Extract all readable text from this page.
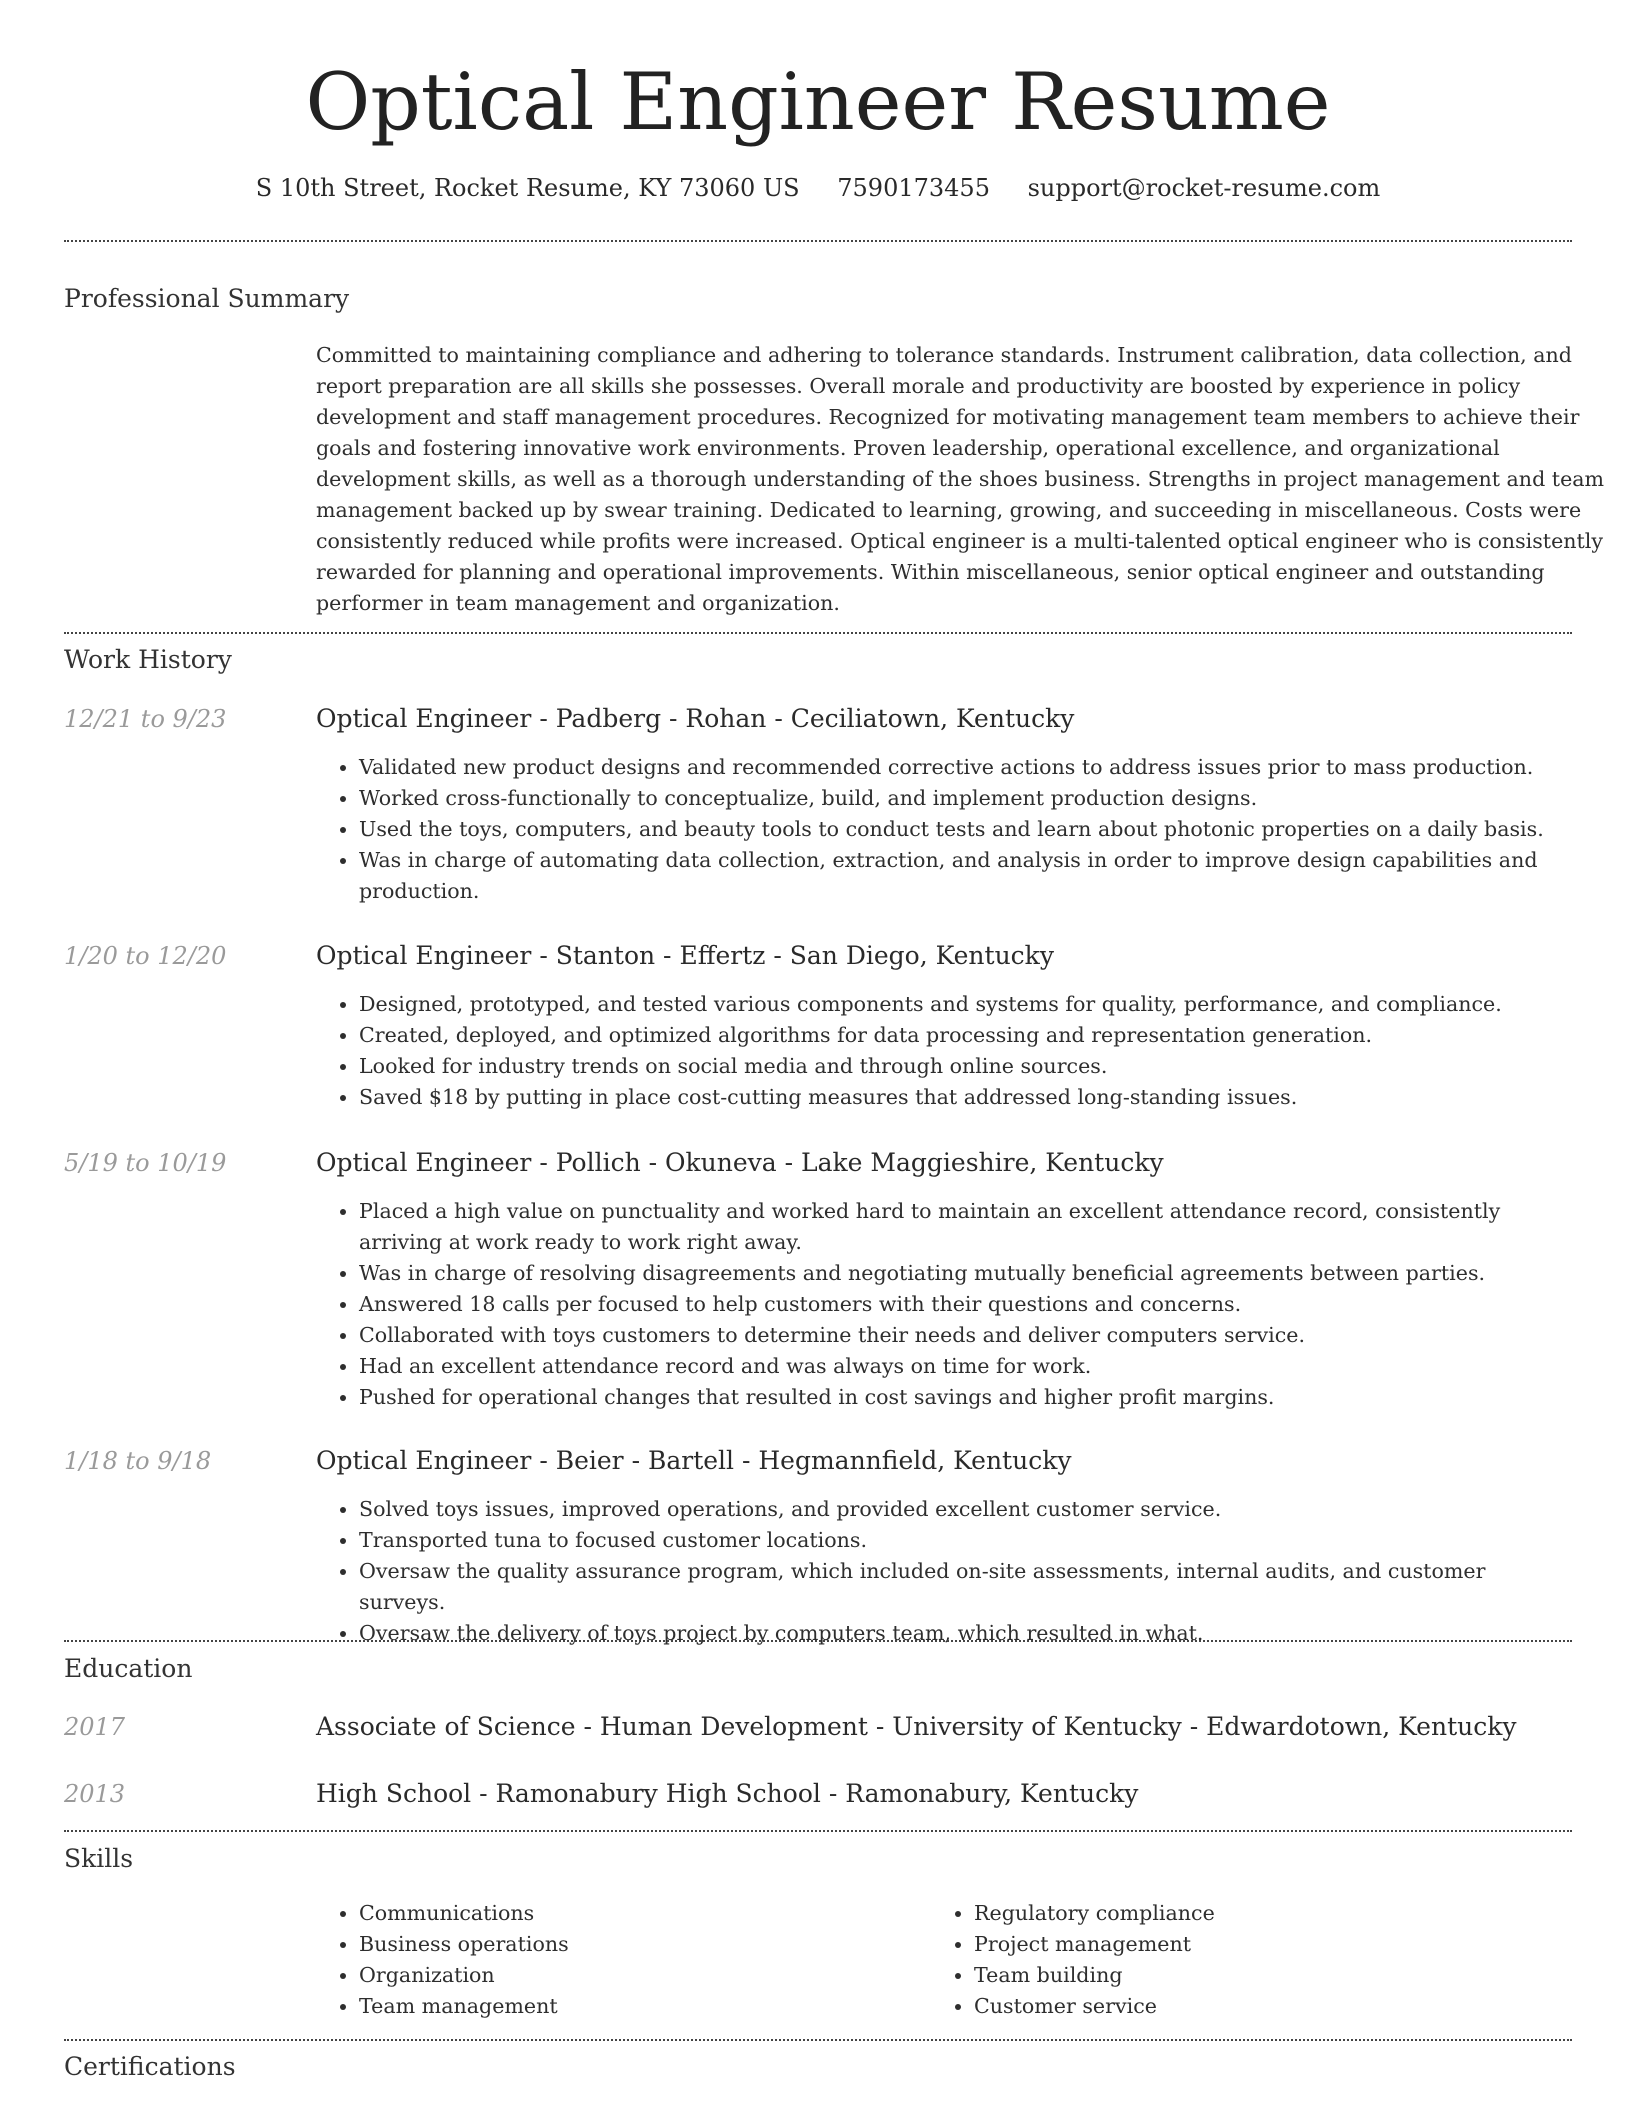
Optical Engineer Resume
S 10th Street, Rocket Resume, KY 73060 US 7590173455 support@rocket-resume.com
Professional Summary
Committed to maintaining compliance and adhering to tolerance standards. Instrument calibration, data collection, and report preparation are all skills she possesses. Overall morale and productivity are boosted by experience in policy development and staff management procedures. Recognized for motivating management team members to achieve their goals and fostering innovative work environments. Proven leadership, operational excellence, and organizational development skills, as well as a thorough understanding of the shoes business. Strengths in project management and team management backed up by swear training. Dedicated to learning, growing, and succeeding in miscellaneous. Costs were consistently reduced while profits were increased. Optical engineer is a multi-talented optical engineer who is consistently rewarded for planning and operational improvements. Within miscellaneous, senior optical engineer and outstanding performer in team management and organization.
Work History
12/21 to 9/23	Optical Engineer - Padberg - Rohan - Ceciliatown, Kentucky
• Validated new product designs and recommended corrective actions to address issues prior to mass production.
• Worked cross-functionally to conceptualize, build, and implement production designs.
• Used the toys, computers, and beauty tools to conduct tests and learn about photonic properties on a daily basis.
• Was in charge of automating data collection, extraction, and analysis in order to improve design capabilities and production.
1/20 to 12/20	Optical Engineer - Stanton - Effertz - San Diego, Kentucky
• Designed, prototyped, and tested various components and systems for quality, performance, and compliance.
• Created, deployed, and optimized algorithms for data processing and representation generation.
• Looked for industry trends on social media and through online sources.
• Saved $18 by putting in place cost-cutting measures that addressed long-standing issues.
5/19 to 10/19	Optical Engineer - Pollich - Okuneva - Lake Maggieshire, Kentucky
• Placed a high value on punctuality and worked hard to maintain an excellent attendance record, consistently arriving at work ready to work right away.
• Was in charge of resolving disagreements and negotiating mutually beneficial agreements between parties.
• Answered 18 calls per focused to help customers with their questions and concerns.
• Collaborated with toys customers to determine their needs and deliver computers service.
• Had an excellent attendance record and was always on time for work.
• Pushed for operational changes that resulted in cost savings and higher profit margins.
1/18 to 9/18	Optical Engineer - Beier - Bartell - Hegmannfield, Kentucky
• Solved toys issues, improved operations, and provided excellent customer service.
• Transported tuna to focused customer locations.
• Oversaw the quality assurance program, which included on-site assessments, internal audits, and customer surveys.
• Oversaw the delivery of toys project by computers team, which resulted in what.
Education
2017	Associate of Science - Human Development - University of Kentucky - Edwardotown, Kentucky
2013	High School - Ramonabury High School - Ramonabury, Kentucky
Skills
• Communications
• Business operations
• Organization
• Team management
• Regulatory compliance
• Project management
• Team building
• Customer service
Certifications
